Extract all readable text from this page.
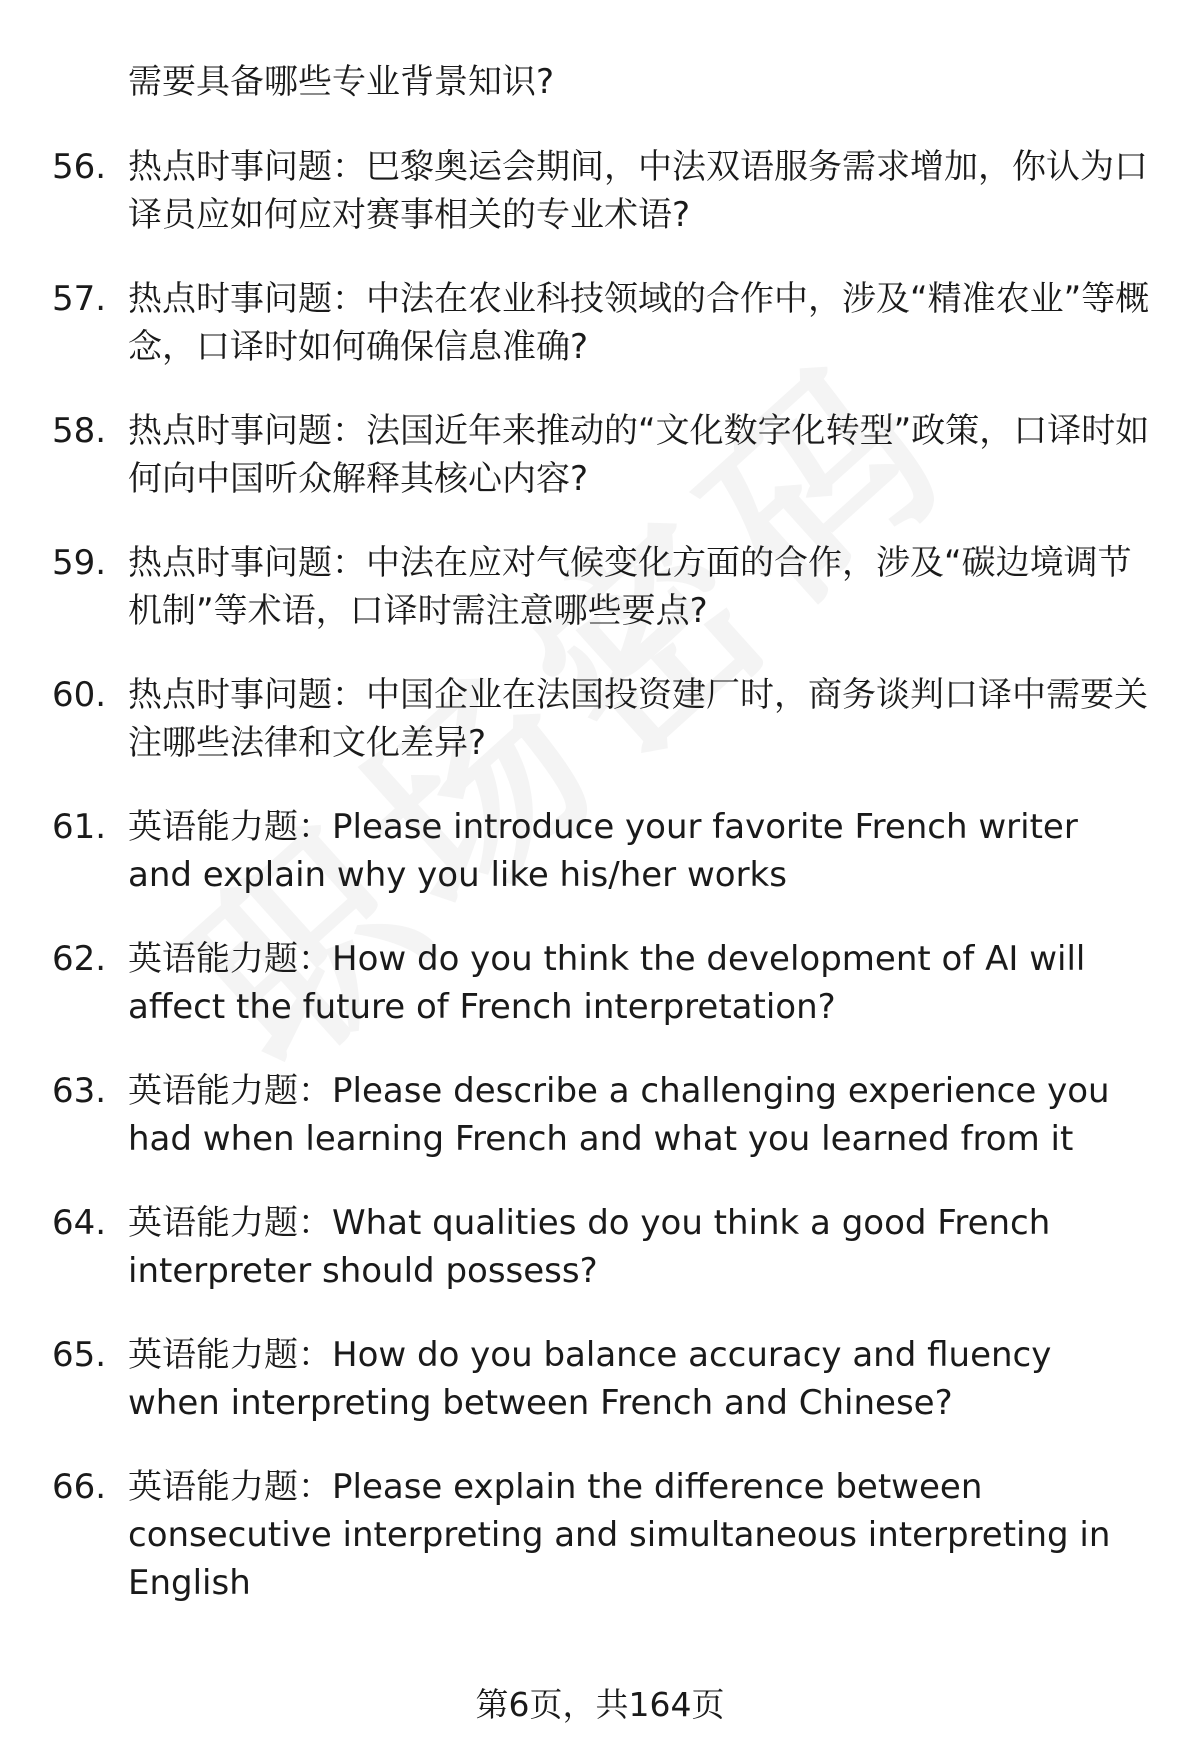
需要具备哪些专业背景知识?

56. 热点时事问题：巴黎奥运会期间，中法双语服务需求增加，你认为口译员应如何应对赛事相关的专业术语?
57. 热点时事问题：中法在农业科技领域的合作中，涉及“精准农业”等概念，口译时如何确保信息准确?
58. 热点时事问题：法国近年来推动的“文化数字化转型”政策，口译时如何向中国听众解释其核心内容?
59. 热点时事问题：中法在应对气候变化方面的合作，涉及“碳边境调节机制”等术语，口译时需注意哪些要点?
60. 热点时事问题：中国企业在法国投资建厂时，商务谈判口译中需要关注哪些法律和文化差异?
61. 英语能力题：Please introduce your favorite French writer and explain why you like his/her works
62. 英语能力题：How do you think the development of AI will affect the future of French interpretation?
63. 英语能力题：Please describe a challenging experience you had when learning French and what you learned from it
64. 英语能力题：What qualities do you think a good French interpreter should possess?
65. 英语能力题：How do you balance accuracy and fluency when interpreting between French and Chinese?
66. 英语能力题：Please explain the difference between consecutive interpreting and simultaneous interpreting in English
第6页，共164页
